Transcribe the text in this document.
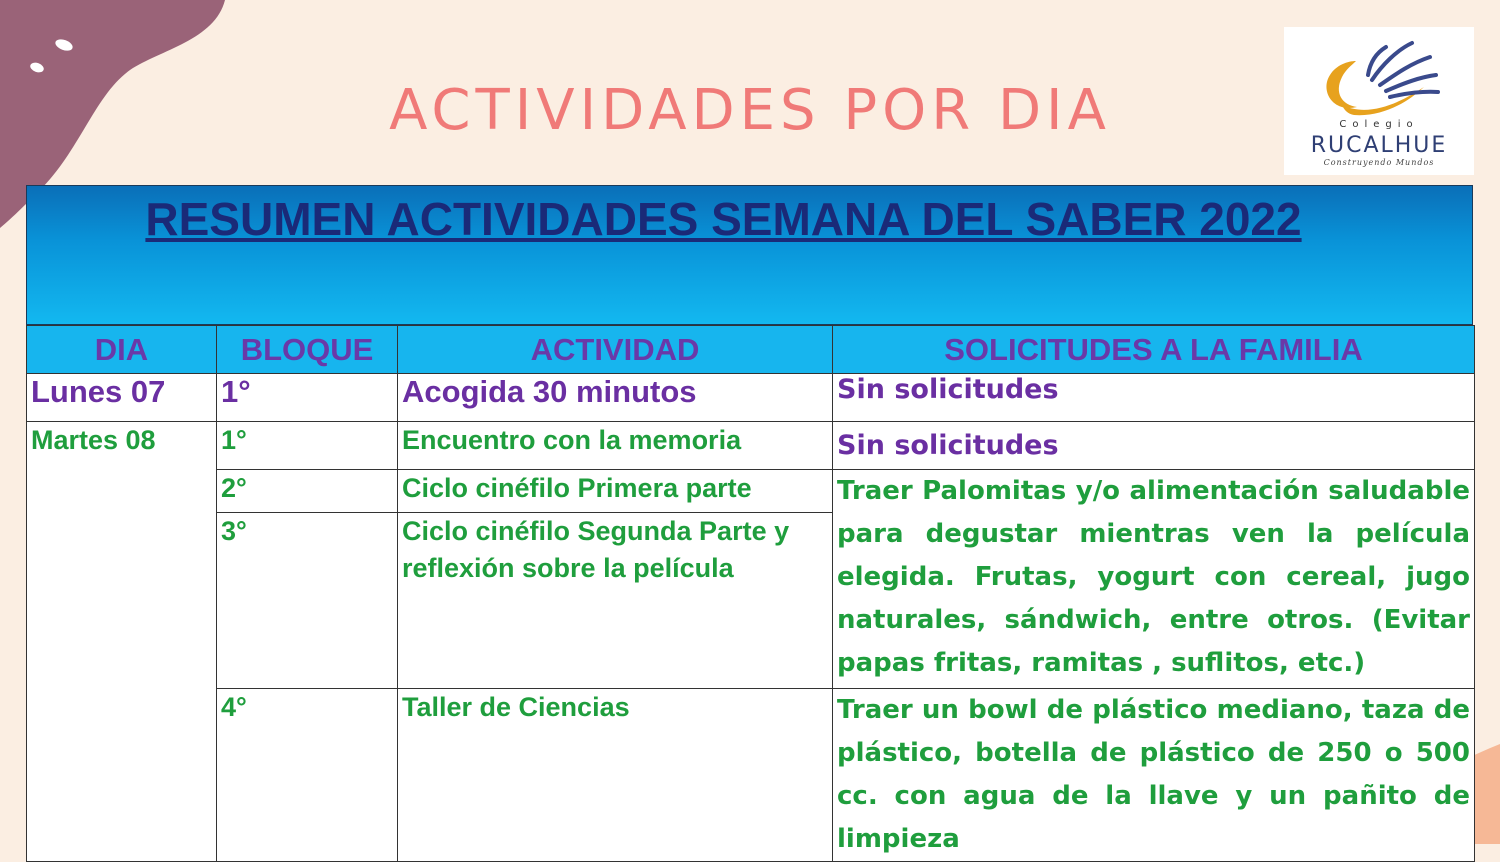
ACTIVIDADES POR DIA	Colegio
RUCALHUE
Construyendo Mundos
RESUMEN ACTIVIDADES SEMANA DEL SABER 2022
DIA	BLOQUE	ACTIVIDAD	SOLICITUDES A LA FAMILIA
Lunes 07	1°	Acogida 30 minutos	Sin solicitudes
Martes 08	1°	Encuentro con la memoria	Sin solicitudes
	2°	Ciclo cinéfilo Primera parte	Traer Palomitas y/o alimentación saludable para degustar mientras ven la película elegida. Frutas, yogurt con cereal, jugo naturales, sándwich, entre otros. (Evitar papas fritas, ramitas , suflitos, etc.)
	3°	Ciclo cinéfilo Segunda Parte y reflexión sobre la película	
	4°	Taller de Ciencias	Traer un bowl de plástico mediano, taza de plástico, botella de plástico de 250 o 500 cc. con agua de la llave y un pañito de limpieza
